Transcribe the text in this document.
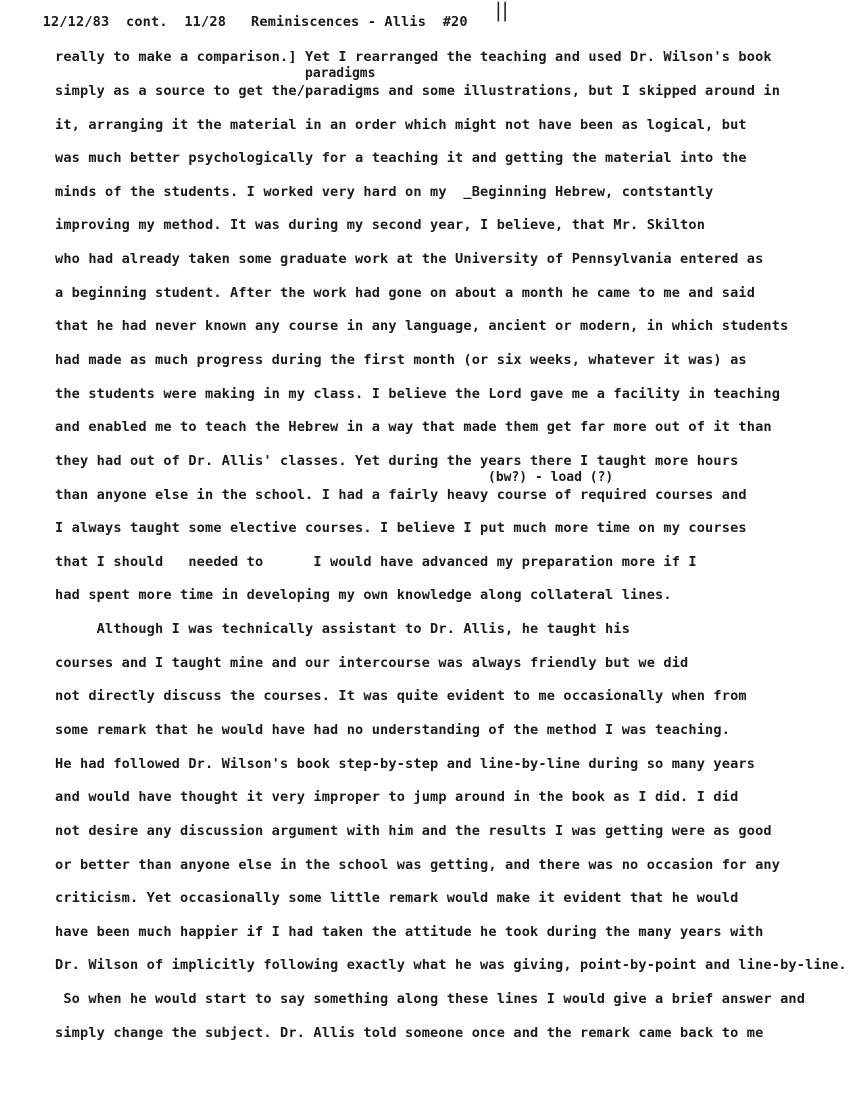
12/12/83  cont.  11/28   Reminiscences - Allis  #20 ||
paradigms
(bw?) - load (?)
really to make a comparison.] Yet I rearranged the teaching and used Dr. Wilson's book
simply as a source to get the/paradigms and some illustrations, but I skipped around in
it, arranging it the material in an order which might not have been as logical, but
was much better psychologically for a teaching it and getting the material into the
minds of the students. I worked very hard on my  _Beginning Hebrew, contstantly
improving my method. It was during my second year, I believe, that Mr. Skilton
who had already taken some graduate work at the University of Pennsylvania entered as
a beginning student. After the work had gone on about a month he came to me and said
that he had never known any course in any language, ancient or modern, in which students
had made as much progress during the first month (or six weeks, whatever it was) as
the students were making in my class. I believe the Lord gave me a facility in teaching
and enabled me to teach the Hebrew in a way that made them get far more out of it than
they had out of Dr. Allis' classes. Yet during the years there I taught more hours
than anyone else in the school. I had a fairly heavy course of required courses and
I always taught some elective courses. I believe I put much more time on my courses
that I should   needed to      I would have advanced my preparation more if I
had spent more time in developing my own knowledge along collateral lines.
Although I was technically assistant to Dr. Allis, he taught his
courses and I taught mine and our intercourse was always friendly but we did
not directly discuss the courses. It was quite evident to me occasionally when from
some remark that he would have had no understanding of the method I was teaching.
He had followed Dr. Wilson's book step-by-step and line-by-line during so many years
and would have thought it very improper to jump around in the book as I did. I did
not desire any discussion argument with him and the results I was getting were as good
or better than anyone else in the school was getting, and there was no occasion for any
criticism. Yet occasionally some little remark would make it evident that he would
have been much happier if I had taken the attitude he took during the many years with
Dr. Wilson of implicitly following exactly what he was giving, point-by-point and line-by-line.
So when he would start to say something along these lines I would give a brief answer and
simply change the subject. Dr. Allis told someone once and the remark came back to me
